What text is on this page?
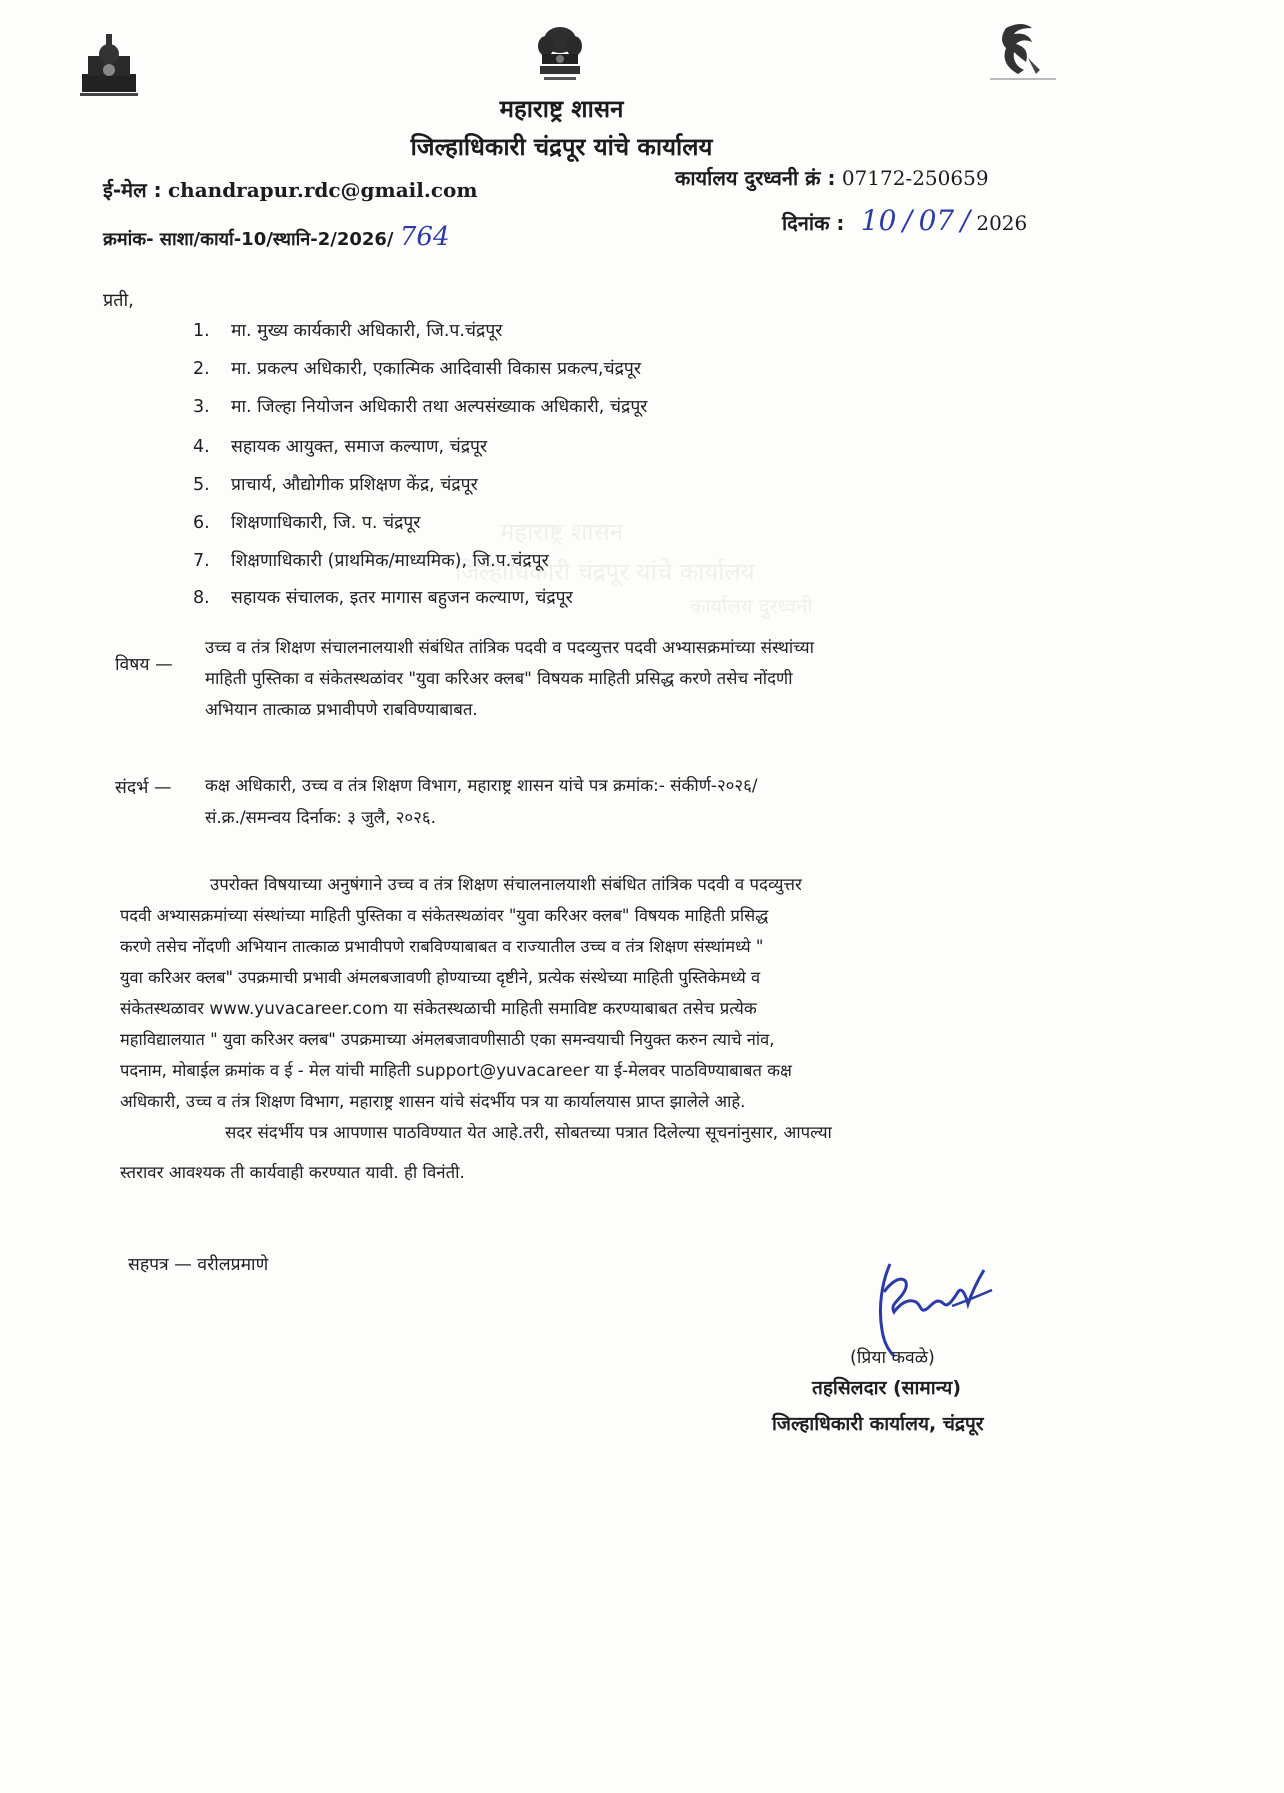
महाराष्ट्र शासन
जिल्हाधिकारी चंद्रपूर यांचे कार्यालय
कार्यालय दुरध्वनी
महाराष्ट्र शासन
जिल्हाधिकारी चंद्रपूर यांचे कार्यालय
ई-मेल : chandrapur.rdc@gmail.com	कार्यालय दुरध्वनी क्रं : 07172-250659
क्रमांक- साशा/कार्या-10/स्थानि-2/2026/ 764	दिनांक : 10 / 07 / 2026
प्रती,
1. मा. मुख्य कार्यकारी अधिकारी, जि.प.चंद्रपूर
2. मा. प्रकल्प अधिकारी, एकात्मिक आदिवासी विकास प्रकल्प,चंद्रपूर
3. मा. जिल्हा नियोजन अधिकारी तथा अल्पसंख्याक अधिकारी, चंद्रपूर
4. सहायक आयुक्त, समाज कल्याण, चंद्रपूर
5. प्राचार्य, औद्योगीक प्रशिक्षण केंद्र, चंद्रपूर
6. शिक्षणाधिकारी, जि. प. चंद्रपूर
7. शिक्षणाधिकारी (प्राथमिक/माध्यमिक), जि.प.चंद्रपूर
8. सहायक संचालक, इतर मागास बहुजन कल्याण, चंद्रपूर
विषय —
उच्च व तंत्र शिक्षण संचालनालयाशी संबंधित तांत्रिक पदवी व पदव्युत्तर पदवी अभ्यासक्रमांच्या संस्थांच्या
माहिती पुस्तिका व संकेतस्थळांवर "युवा करिअर क्लब" विषयक माहिती प्रसिद्ध करणे तसेच नोंदणी
अभियान तात्काळ प्रभावीपणे राबविण्याबाबत.
संदर्भ — कक्ष अधिकारी, उच्च व तंत्र शिक्षण विभाग, महाराष्ट्र शासन यांचे पत्र क्रमांक:- संकीर्ण-२०२६/
सं.क्र./समन्वय दिर्नाक: ३ जुलै, २०२६.
उपरोक्त विषयाच्या अनुषंगाने उच्च व तंत्र शिक्षण संचालनालयाशी संबंधित तांत्रिक पदवी व पदव्युत्तर
पदवी अभ्यासक्रमांच्या संस्थांच्या माहिती पुस्तिका व संकेतस्थळांवर "युवा करिअर क्लब" विषयक माहिती प्रसिद्ध
करणे तसेच नोंदणी अभियान तात्काळ प्रभावीपणे राबविण्याबाबत व राज्यातील उच्च व तंत्र शिक्षण संस्थांमध्ये "
युवा करिअर क्लब" उपक्रमाची प्रभावी अंमलबजावणी होण्याच्या दृष्टीने, प्रत्येक संस्थेच्या माहिती पुस्तिकेमध्ये व
संकेतस्थळावर www.yuvacareer.com या संकेतस्थळाची माहिती समाविष्ट करण्याबाबत तसेच प्रत्येक
महाविद्यालयात " युवा करिअर क्लब" उपक्रमाच्या अंमलबजावणीसाठी एका समन्वयाची नियुक्त करुन त्याचे नांव,
पदनाम, मोबाईल क्रमांक व ई - मेल यांची माहिती support@yuvacareer या ई-मेलवर पाठविण्याबाबत कक्ष
अधिकारी, उच्च व तंत्र शिक्षण विभाग, महाराष्ट्र शासन यांचे संदर्भीय पत्र या कार्यालयास प्राप्त झालेले आहे.
सदर संदर्भीय पत्र आपणास पाठविण्यात येत आहे.तरी, सोबतच्या पत्रात दिलेल्या सूचनांनुसार, आपल्या
स्तरावर आवश्यक ती कार्यवाही करण्यात यावी. ही विनंती.
सहपत्र — वरीलप्रमाणे
(प्रिया कवळे)
तहसिलदार (सामान्य)
जिल्हाधिकारी कार्यालय, चंद्रपूर
